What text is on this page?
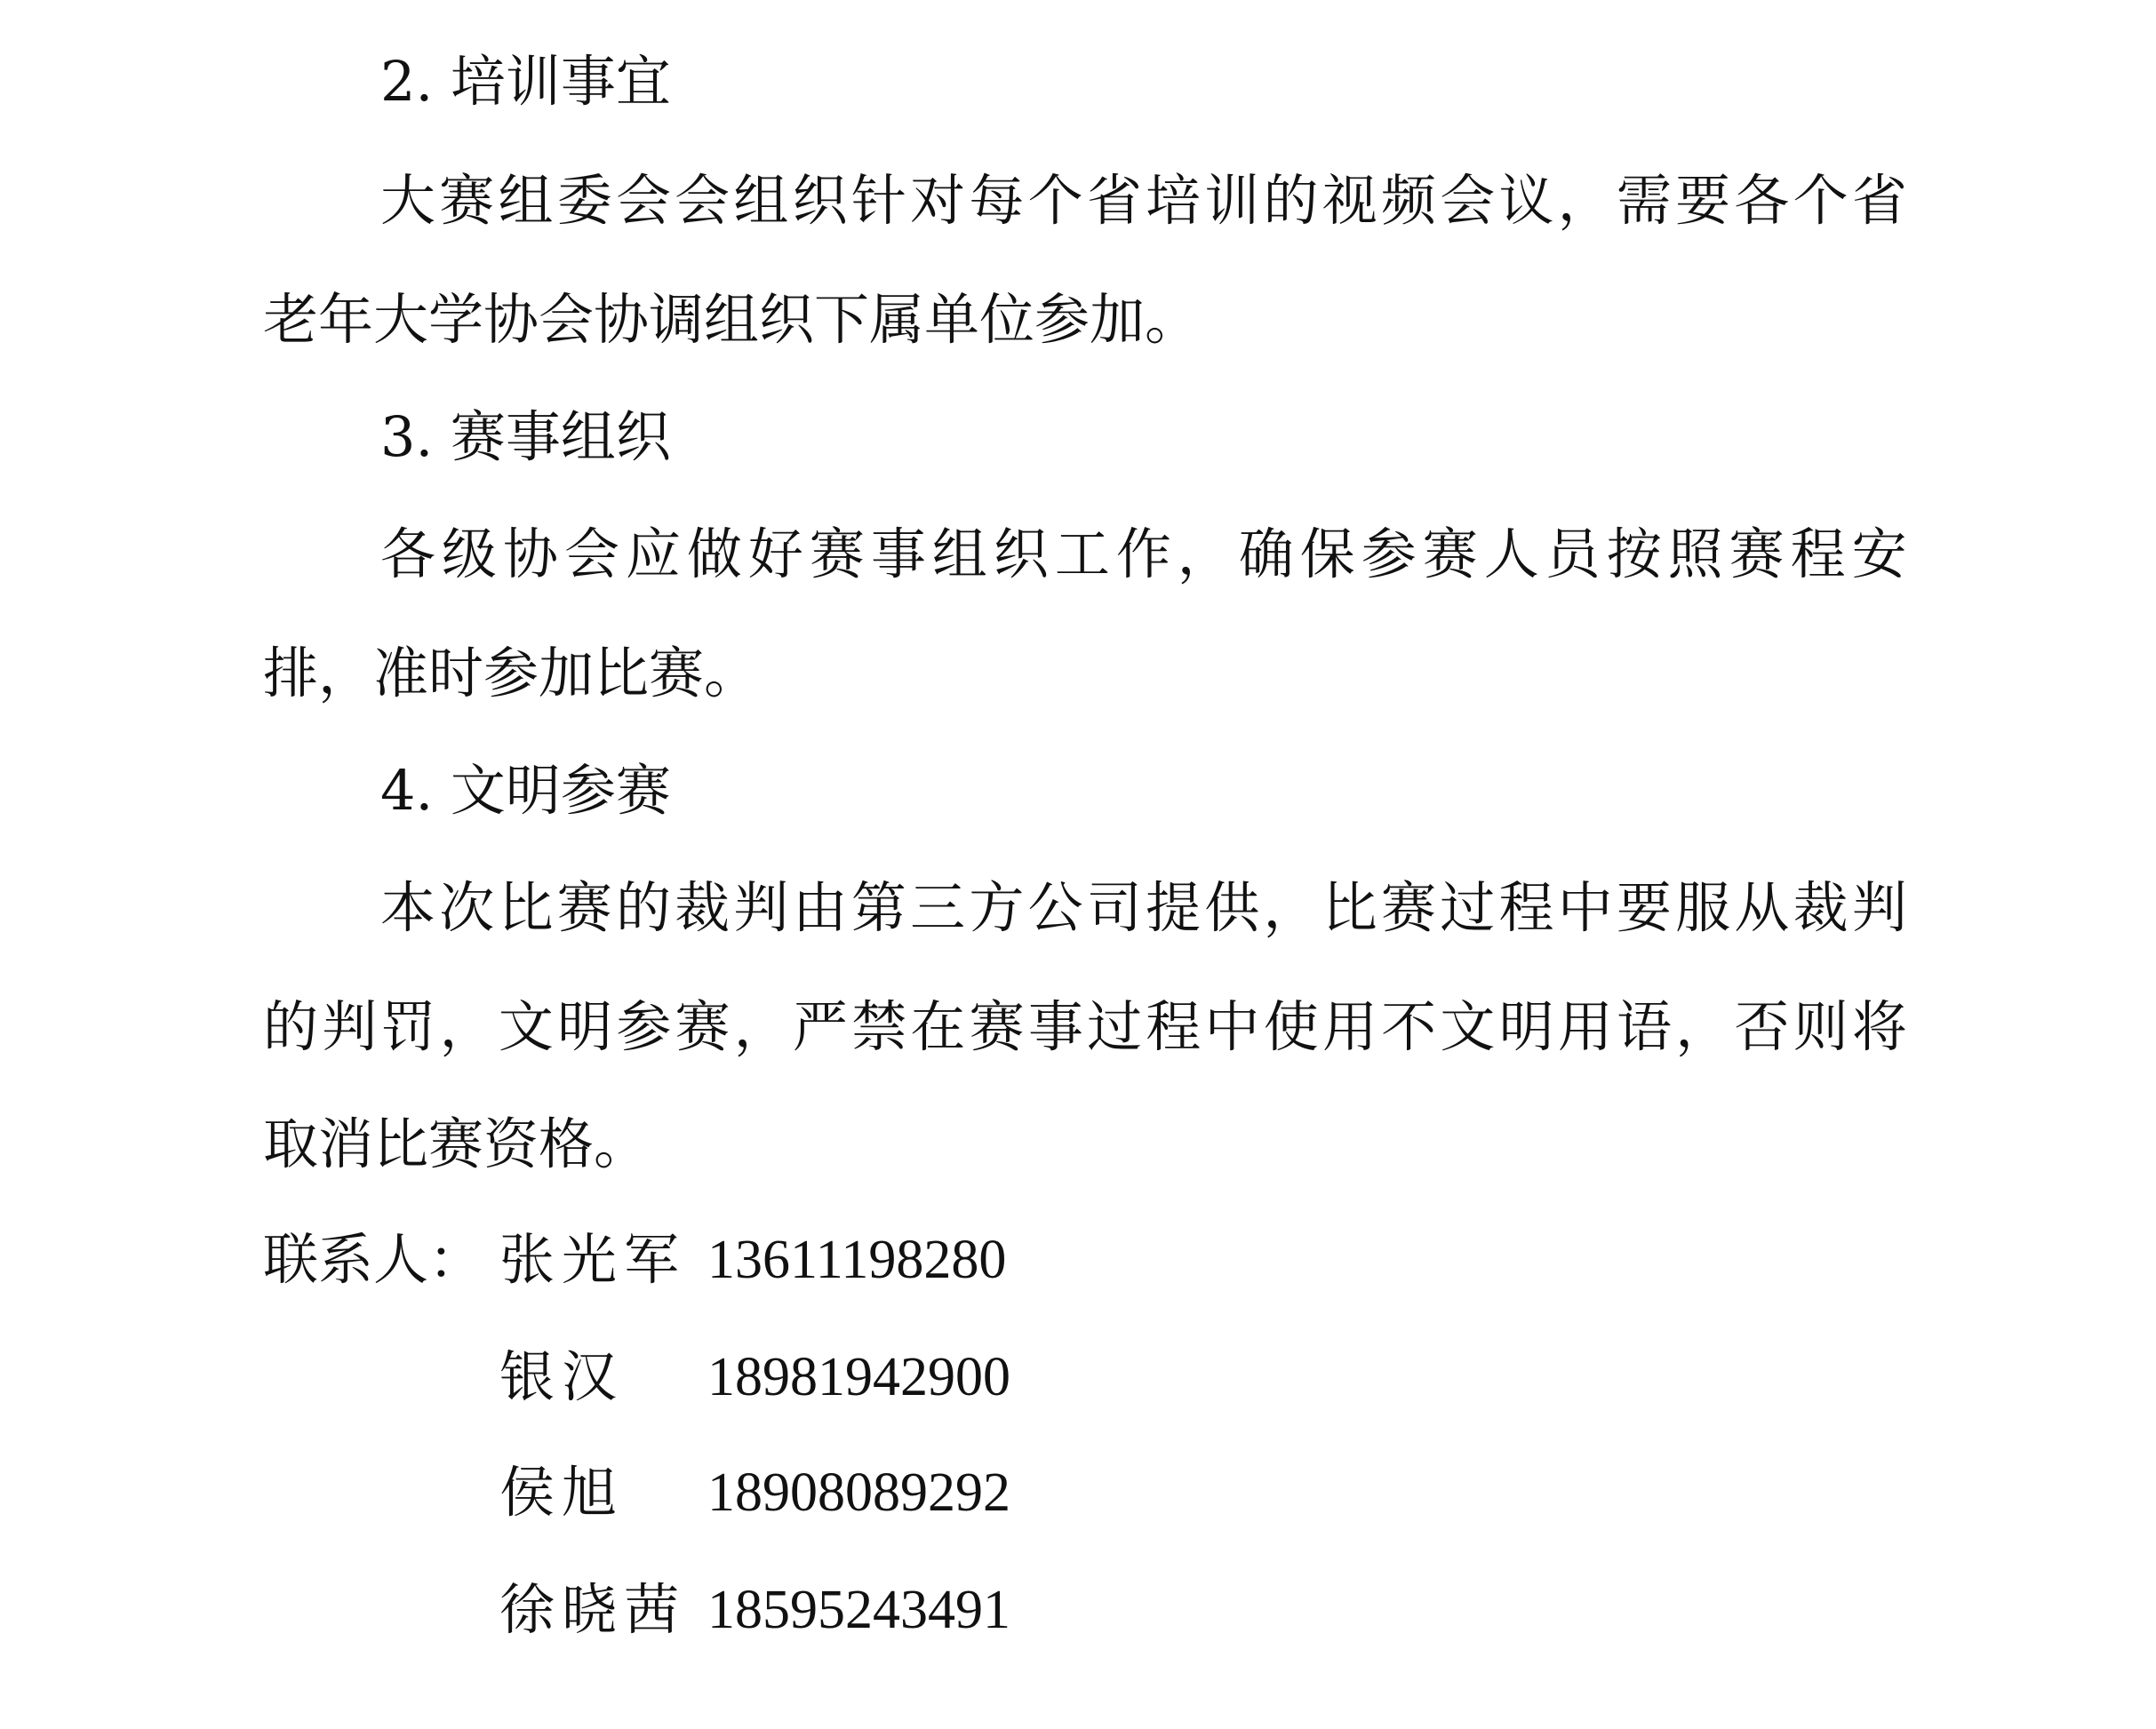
2. 培训事宜
大 赛 组 委 会 会 组 织 针 对 每 个 省 培 训 的 视 频 会 议 ， 需 要 各 个 省
老年大学协会协调组织下属单位参加。
3. 赛事组织
各 级 协 会 应 做 好 赛 事 组 织 工 作 ， 确 保 参 赛 人 员 按 照 赛 程 安
排，准时参加比赛。
4. 文明参赛
本 次 比 赛 的 裁 判 由 第 三 方 公 司 提 供 ， 比 赛 过 程 中 要 服 从 裁 判
的 判 罚 ， 文 明 参 赛 ， 严 禁 在 赛 事 过 程 中 使 用 不 文 明 用 语 ， 否 则 将
取消比赛资格。
联系人： 张光军 13611198280
银汉 18981942900
侯旭 18908089292
徐晓茜 18595243491
